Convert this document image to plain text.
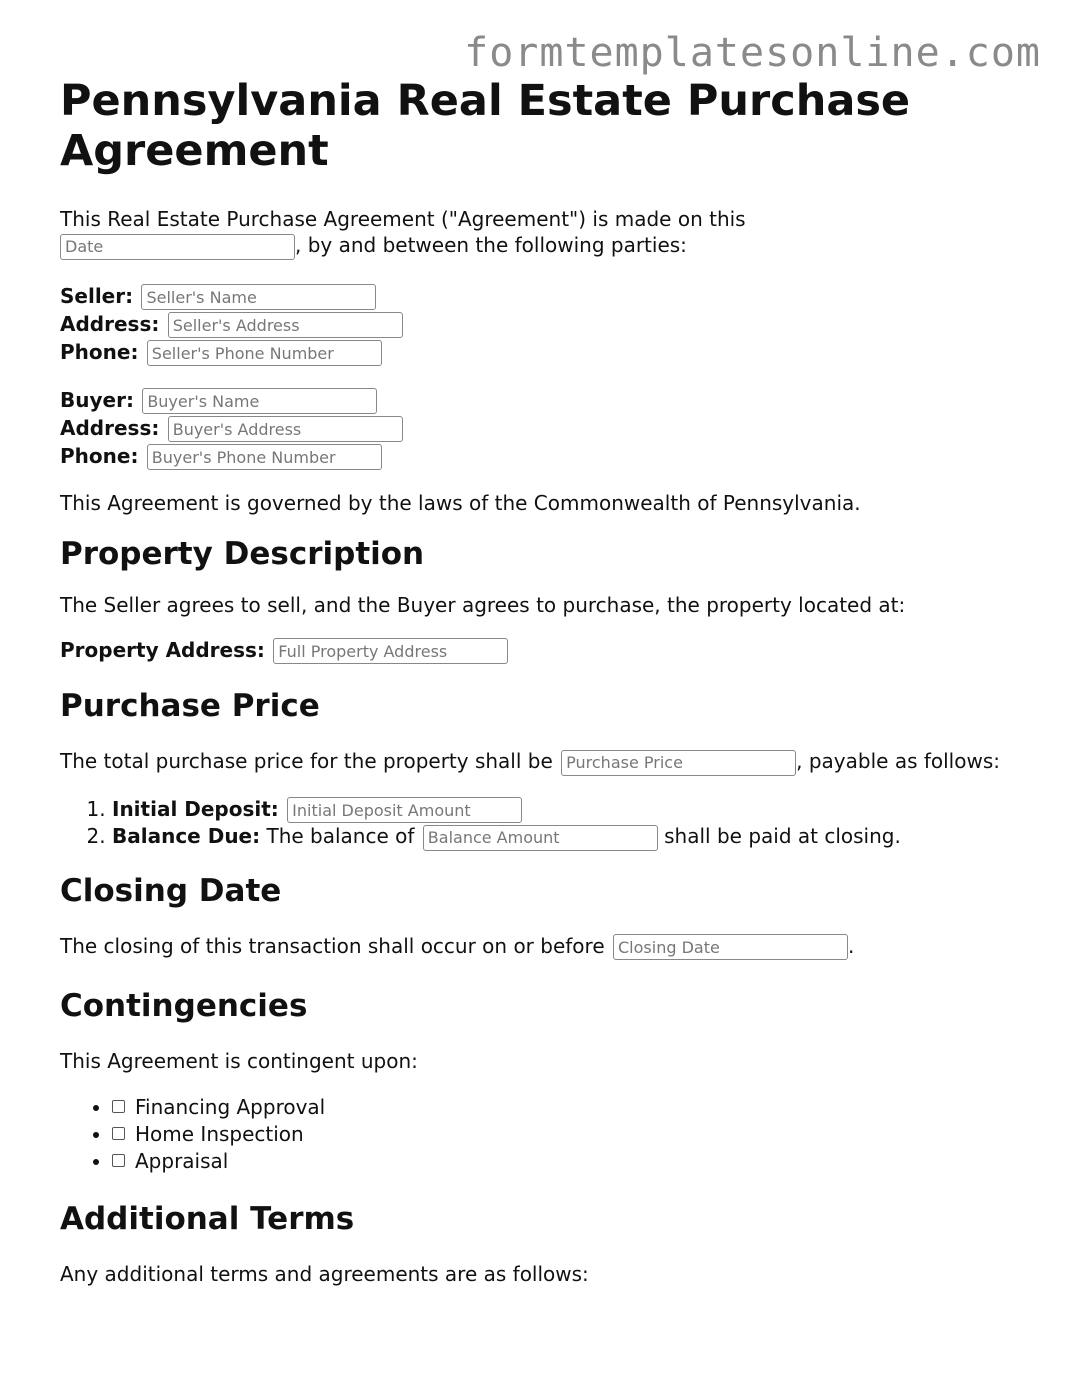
formtemplatesonline.com
Pennsylvania Real Estate Purchase Agreement

This Real Estate Purchase Agreement ("Agreement") is made on this
Date, by and between the following parties:

Seller: Seller's Name
Address: Seller's Address
Phone: Seller's Phone Number
Buyer: Buyer's Name
Address: Buyer's Address
Phone: Buyer's Phone Number

This Agreement is governed by the laws of the Commonwealth of Pennsylvania.

Property Description

The Seller agrees to sell, and the Buyer agrees to purchase, the property located at:

Property Address: Full Property Address

Purchase Price

The total purchase price for the property shall be Purchase Price	, payable as follows:

1. Initial Deposit: Initial Deposit Amount
2. Balance Due: The balance of Balance Amount	shall be paid at closing.
Closing Date

The closing of this transaction shall occur on or before Closing Date	.

Contingencies

This Agreement is contingent upon:

• Financing Approval
• Home Inspection
• Appraisal
Additional Terms

Any additional terms and agreements are as follows:
